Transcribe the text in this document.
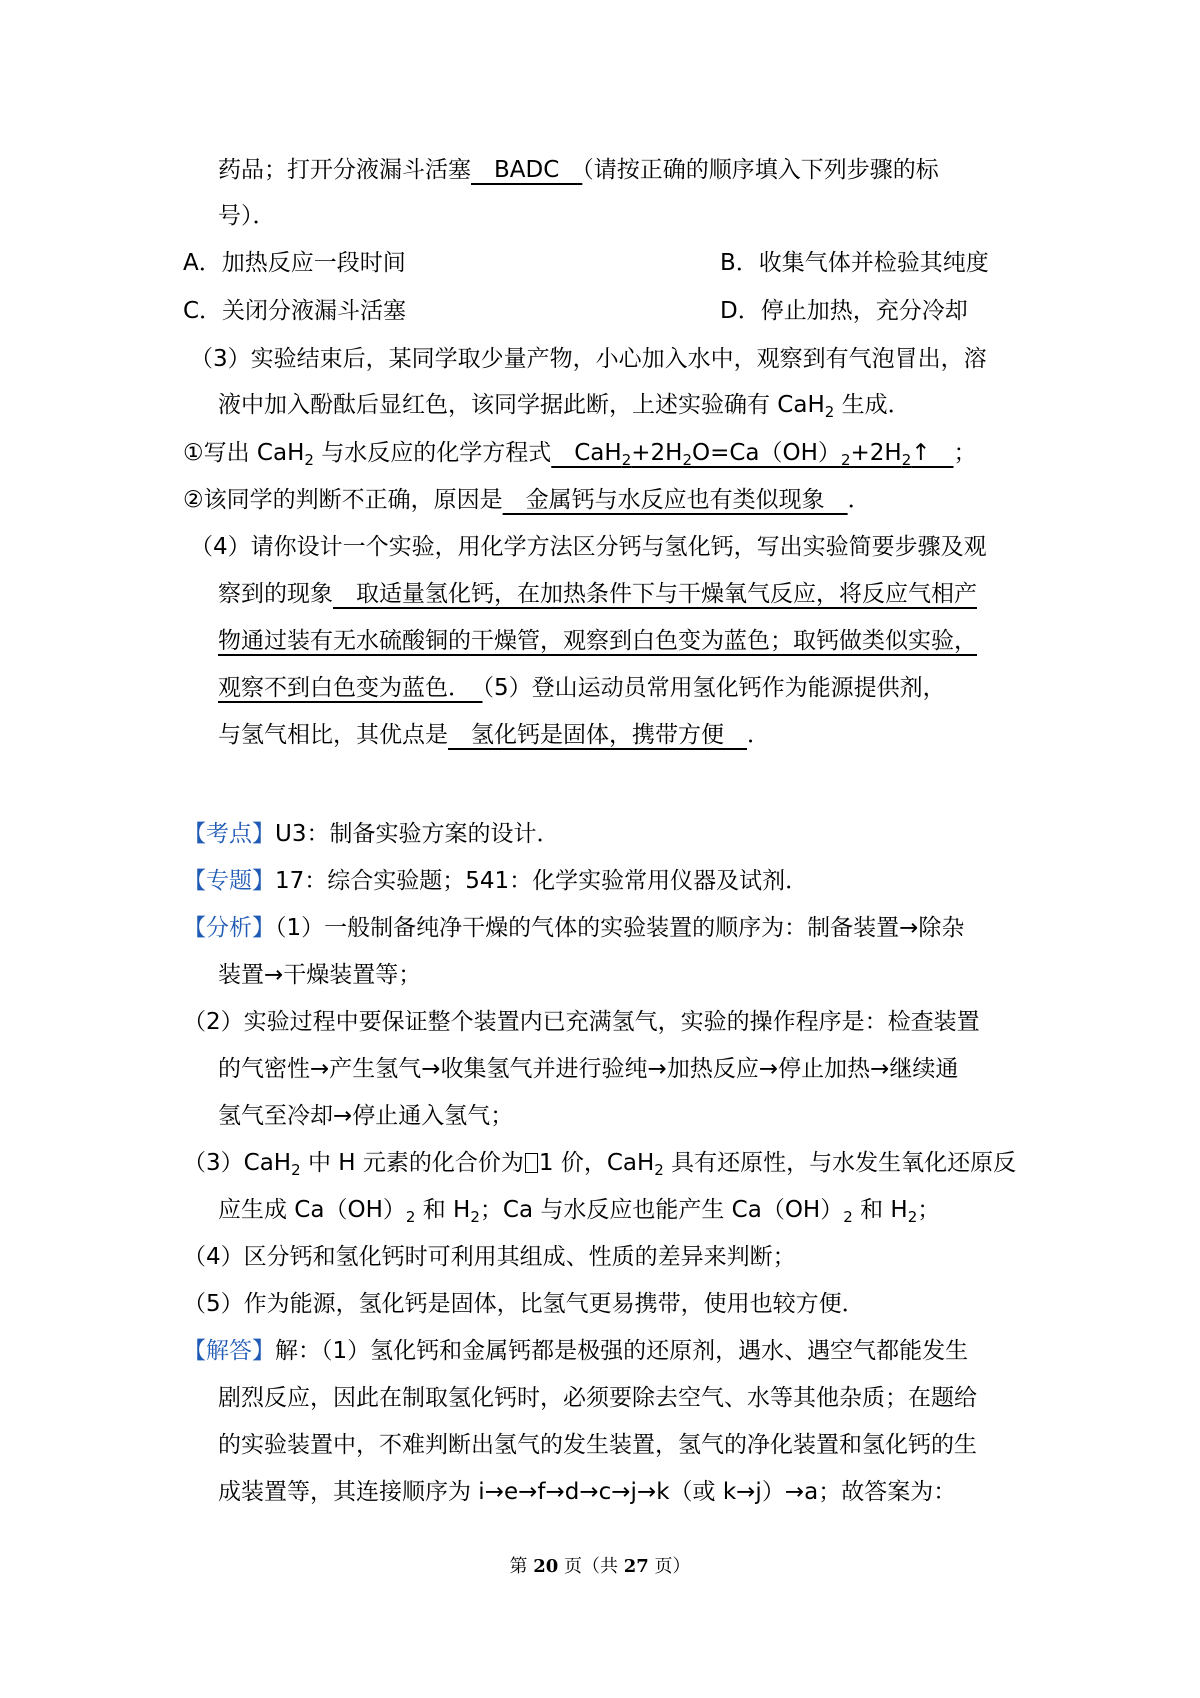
药品；打开分液漏斗活塞　BADC　（请按正确的顺序填入下列步骤的标
号）．
A．加热反应一段时间	B．收集气体并检验其纯度
C．关闭分液漏斗活塞	D．停止加热，充分冷却
（3）实验结束后，某同学取少量产物，小心加入水中，观察到有气泡冒出，溶
液中加入酚酞后显红色，该同学据此断，上述实验确有 CaH$_2$ 生成．
①写出 CaH$_2$ 与水反应的化学方程式　$CaH_2+2H_2O=Ca(OH)_2+2H_2↑$　；
②该同学的判断不正确，原因是　金属钙与水反应也有类似现象　．
（4）请你设计一个实验，用化学方法区分钙与氢化钙，写出实验简要步骤及观
察到的现象　取适量氢化钙，在加热条件下与干燥氧气反应，将反应气相产
物通过装有无水硫酸铜的干燥管，观察到白色变为蓝色；取钙做类似实验，
观察不到白色变为蓝色．　（5）登山运动员常用氢化钙作为能源提供剂，
与氢气相比，其优点是　氢化钙是固体，携带方便　．
【考点】U3：制备实验方案的设计．
【专题】17：综合实验题；541：化学实验常用仪器及试剂．
【分析】（1）一般制备纯净干燥的气体的实验装置的顺序为：制备装置→除杂
装置→干燥装置等；
（2）实验过程中要保证整个装置内已充满氢气，实验的操作程序是：检查装置
的气密性→产生氢气→收集氢气并进行验纯→加热反应→停止加热→继续通
氢气至冷却→停止通入氢气；
（3）CaH$_2$ 中 H 元素的化合价为 1 价，CaH$_2$ 具有还原性，与水发生氧化还原反
应生成 $Ca(OH)_2$ 和 $H_2$；Ca 与水反应也能产生 $Ca(OH)_2$ 和 $H_2$；
（4）区分钙和氢化钙时可利用其组成、性质的差异来判断；
（5）作为能源，氢化钙是固体，比氢气更易携带，使用也较方便．
【解答】解：（1）氢化钙和金属钙都是极强的还原剂，遇水、遇空气都能发生
剧烈反应，因此在制取氢化钙时，必须要除去空气、水等其他杂质；在题给
的实验装置中，不难判断出氢气的发生装置，氢气的净化装置和氢化钙的生
成装置等，其连接顺序为 i→e→f→d→c→j→k（或 k→j）→a；故答案为：
第 20 页（共 27 页）
